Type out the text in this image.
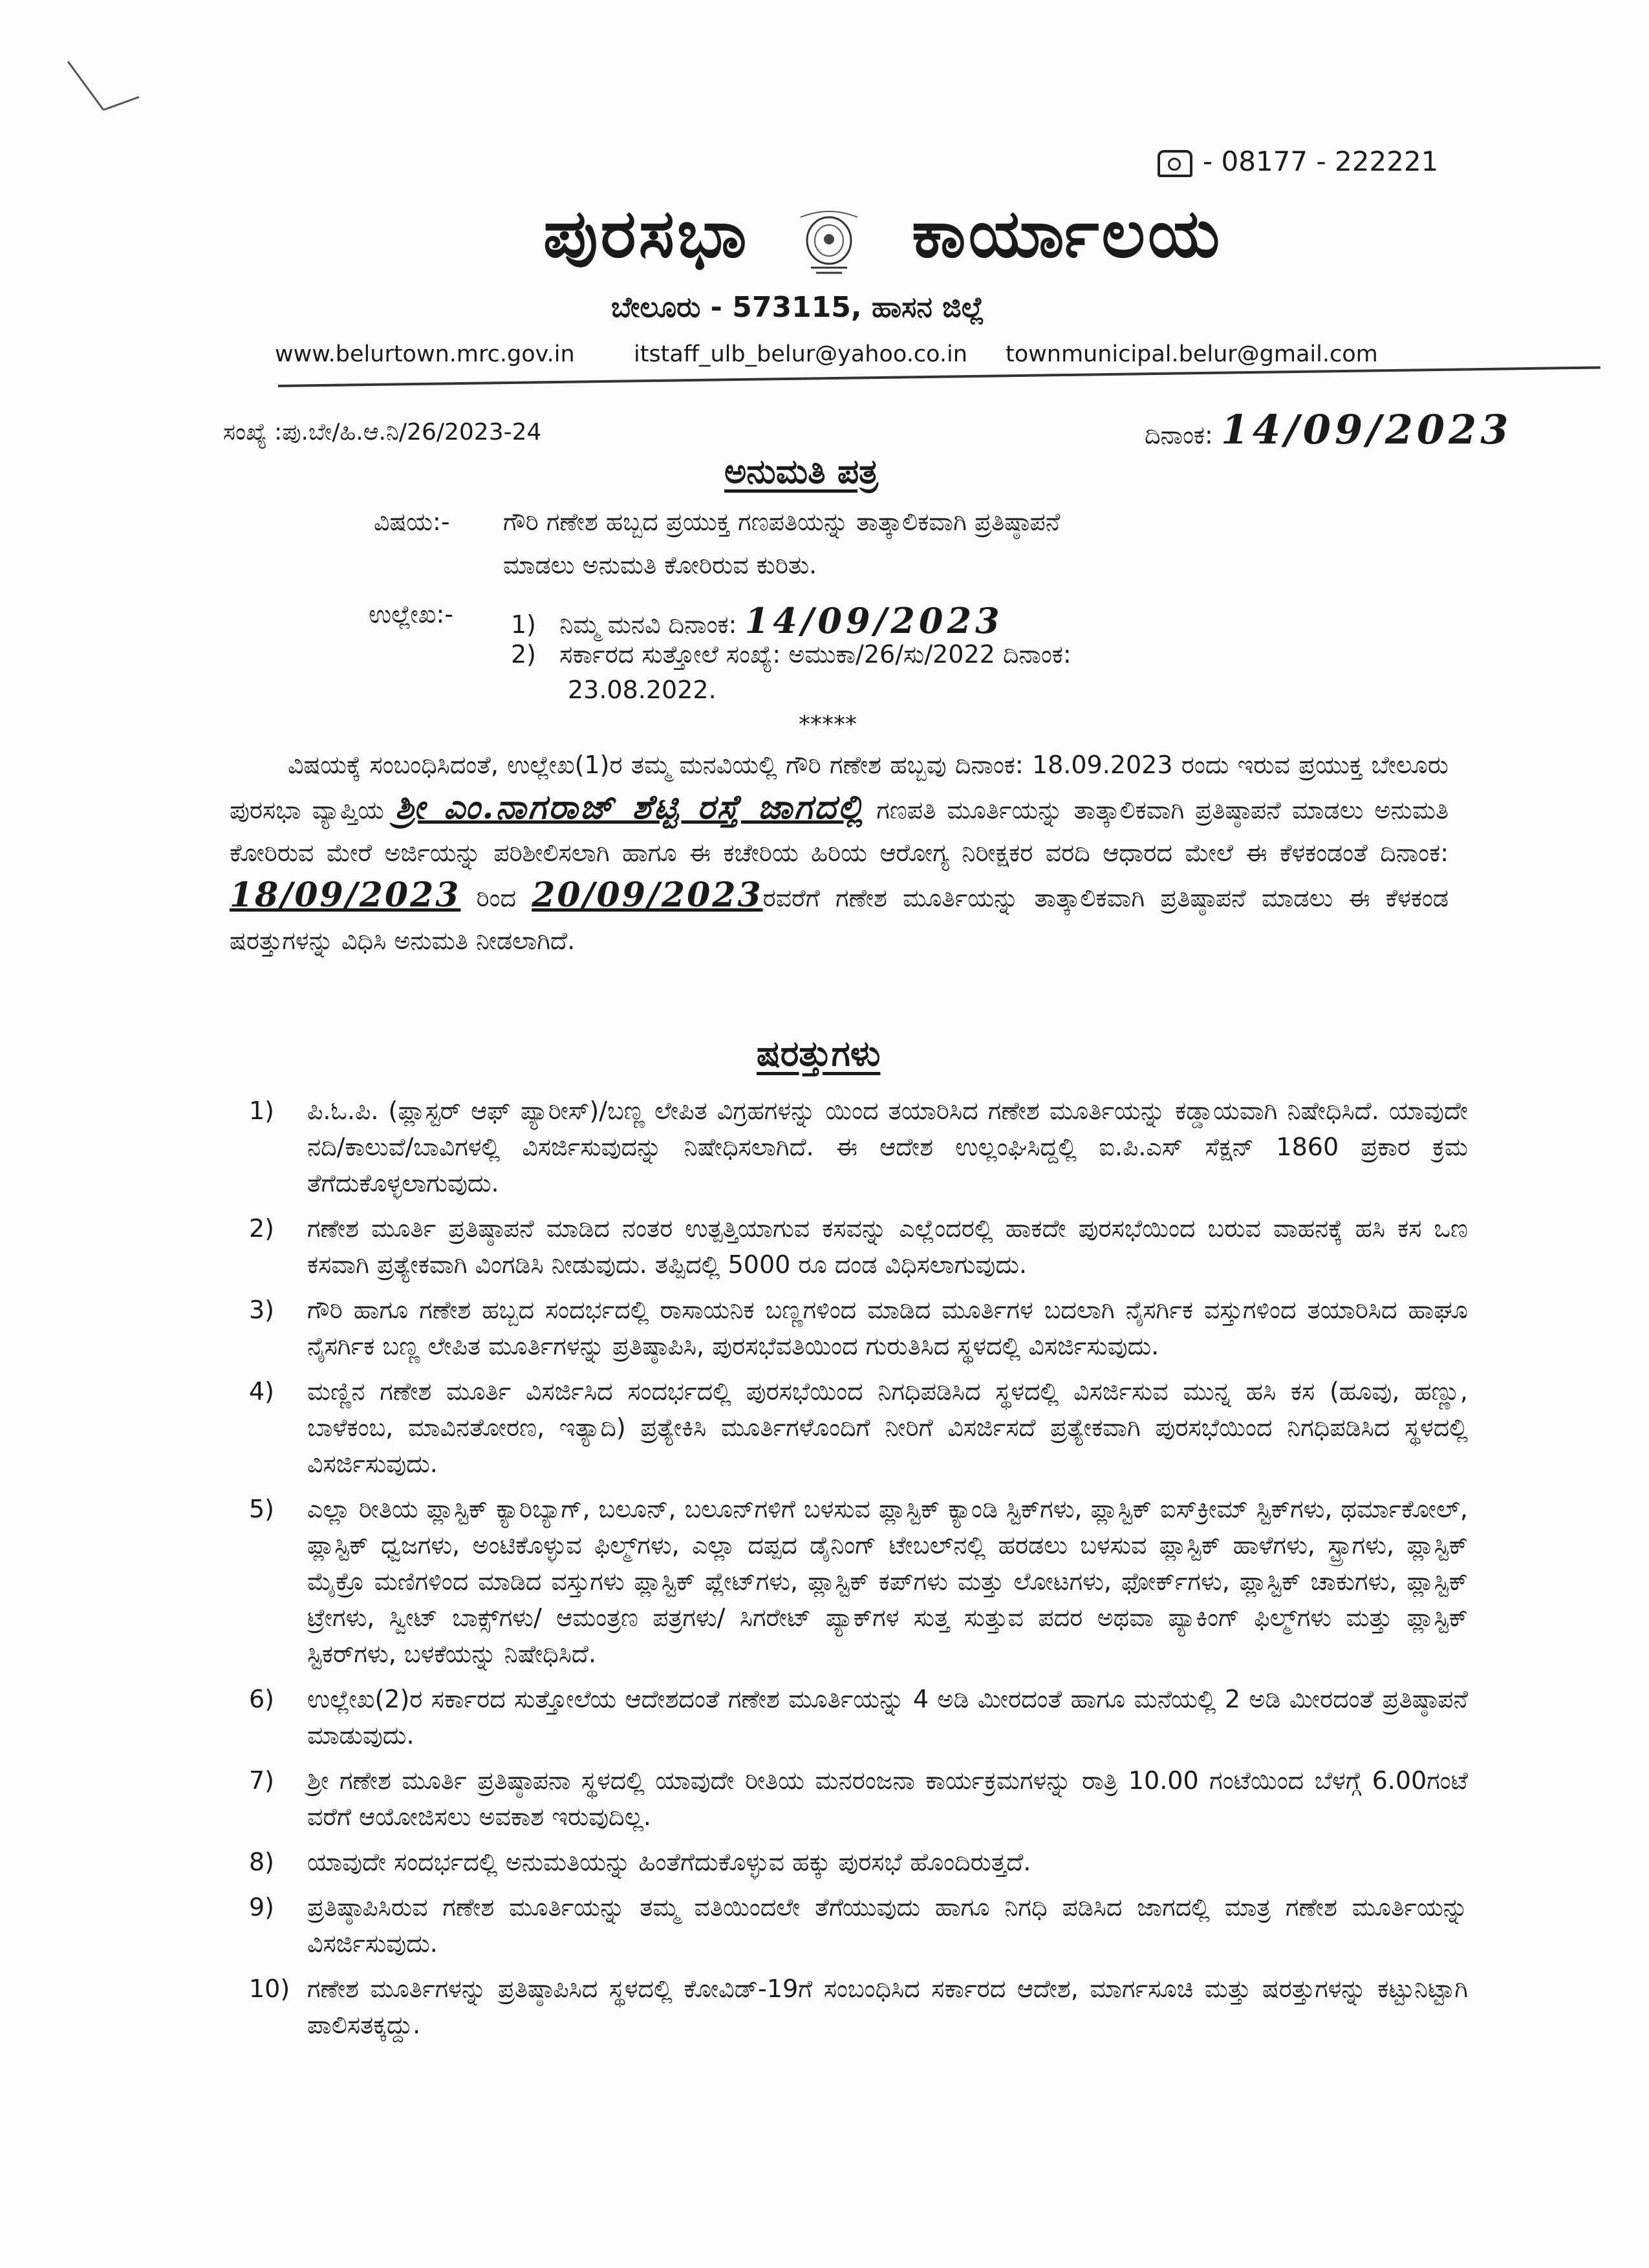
- 08177 - 222221
ಪುರಸಭಾ ಕಾರ್ಯಾಲಯ
ಬೇಲೂರು - 573115, ಹಾಸನ ಜಿಲ್ಲೆ
www.belurtown.mrc.gov.in	itstaff_ulb_belur@yahoo.co.in townmunicipal.belur@gmail.com
ಸಂಖ್ಯೆ :ಪು.ಬೇ/ಹಿ.ಆ.ನಿ/26/2023-24	ದಿನಾಂಕ: 14/09/2023
ಅನುಮತಿ ಪತ್ರ
ವಿಷಯ:- ಗೌರಿ ಗಣೇಶ ಹಬ್ಬದ ಪ್ರಯುಕ್ತ ಗಣಪತಿಯನ್ನು ತಾತ್ಕಾಲಿಕವಾಗಿ ಪ್ರತಿಷ್ಠಾಪನೆ
ಮಾಡಲು ಅನುಮತಿ ಕೋರಿರುವ ಕುರಿತು.
ಉಲ್ಲೇಖ:- 1) ನಿಮ್ಮ ಮನವಿ ದಿನಾಂಕ: 14/09/2023
2) ಸರ್ಕಾರದ ಸುತ್ತೋಲೆ ಸಂಖ್ಯೆ: ಅಮುಕಾ/26/ಸು/2022 ದಿನಾಂಕ:
23.08.2022.
*****
ವಿಷಯಕ್ಕೆ ಸಂಬಂಧಿಸಿದಂತೆ, ಉಲ್ಲೇಖ(1)ರ ತಮ್ಮ ಮನವಿಯಲ್ಲಿ ಗೌರಿ ಗಣೇಶ ಹಬ್ಬವು ದಿನಾಂಕ: 18.09.2023 ರಂದು ಇರುವ ಪ್ರಯುಕ್ತ ಬೇಲೂರು ಪುರಸಭಾ ವ್ಯಾಪ್ತಿಯ ಶ್ರೀ ಎಂ.ನಾಗರಾಜ್ ಶೆಟ್ಟಿ ರಸ್ತೆ ಜಾಗದಲ್ಲಿ ಗಣಪತಿ ಮೂರ್ತಿಯನ್ನು ತಾತ್ಕಾಲಿಕವಾಗಿ ಪ್ರತಿಷ್ಠಾಪನೆ ಮಾಡಲು ಅನುಮತಿ ಕೋರಿರುವ ಮೇರೆ ಅರ್ಜಿಯನ್ನು ಪರಿಶೀಲಿಸಲಾಗಿ ಹಾಗೂ ಈ ಕಚೇರಿಯ ಹಿರಿಯ ಆರೋಗ್ಯ ನಿರೀಕ್ಷಕರ ವರದಿ ಆಧಾರದ ಮೇಲೆ ಈ ಕೆಳಕಂಡಂತೆ ದಿನಾಂಕ: 18/09/2023 ರಿಂದ 20/09/2023ರವರೆಗೆ ಗಣೇಶ ಮೂರ್ತಿಯನ್ನು ತಾತ್ಕಾಲಿಕವಾಗಿ ಪ್ರತಿಷ್ಠಾಪನೆ ಮಾಡಲು ಈ ಕೆಳಕಂಡ ಷರತ್ತುಗಳನ್ನು ವಿಧಿಸಿ ಅನುಮತಿ ನೀಡಲಾಗಿದೆ.
ಷರತ್ತುಗಳು
1) ಪಿ.ಓ.ಪಿ. (ಪ್ಲಾಸ್ಟರ್ ಆಫ್ ಪ್ಯಾರೀಸ್)/ಬಣ್ಣ ಲೇಪಿತ ವಿಗ್ರಹಗಳನ್ನು ಯಿಂದ ತಯಾರಿಸಿದ ಗಣೇಶ ಮೂರ್ತಿಯನ್ನು ಕಡ್ಡಾಯವಾಗಿ ನಿಷೇಧಿಸಿದೆ. ಯಾವುದೇ ನದಿ/ಕಾಲುವೆ/ಬಾವಿಗಳಲ್ಲಿ ವಿಸರ್ಜಿಸುವುದನ್ನು ನಿಷೇಧಿಸಲಾಗಿದೆ. ಈ ಆದೇಶ ಉಲ್ಲಂಘಿಸಿದ್ದಲ್ಲಿ ಐ.ಪಿ.ಎಸ್ ಸೆಕ್ಷನ್ 1860 ಪ್ರಕಾರ ಕ್ರಮ ತೆಗೆದುಕೊಳ್ಳಲಾಗುವುದು.
2) ಗಣೇಶ ಮೂರ್ತಿ ಪ್ರತಿಷ್ಠಾಪನೆ ಮಾಡಿದ ನಂತರ ಉತ್ಪತ್ತಿಯಾಗುವ ಕಸವನ್ನು ಎಲ್ಲೆಂದರಲ್ಲಿ ಹಾಕದೇ ಪುರಸಭೆಯಿಂದ ಬರುವ ವಾಹನಕ್ಕೆ ಹಸಿ ಕಸ ಒಣ ಕಸವಾಗಿ ಪ್ರತ್ಯೇಕವಾಗಿ ವಿಂಗಡಿಸಿ ನೀಡುವುದು. ತಪ್ಪಿದಲ್ಲಿ 5000 ರೂ ದಂಡ ವಿಧಿಸಲಾಗುವುದು.
3) ಗೌರಿ ಹಾಗೂ ಗಣೇಶ ಹಬ್ಬದ ಸಂದರ್ಭದಲ್ಲಿ ರಾಸಾಯನಿಕ ಬಣ್ಣಗಳಿಂದ ಮಾಡಿದ ಮೂರ್ತಿಗಳ ಬದಲಾಗಿ ನೈಸರ್ಗಿಕ ವಸ್ತುಗಳಿಂದ ತಯಾರಿಸಿದ ಹಾಘೂ ನೈಸರ್ಗಿಕ ಬಣ್ಣ ಲೇಪಿತ ಮೂರ್ತಿಗಳನ್ನು ಪ್ರತಿಷ್ಠಾಪಿಸಿ, ಪುರಸಭೆವತಿಯಿಂದ ಗುರುತಿಸಿದ ಸ್ಥಳದಲ್ಲಿ ವಿಸರ್ಜಿಸುವುದು.
4) ಮಣ್ಣಿನ ಗಣೇಶ ಮೂರ್ತಿ ವಿಸರ್ಜಿಸಿದ ಸಂದರ್ಭದಲ್ಲಿ ಪುರಸಭೆಯಿಂದ ನಿಗಧಿಪಡಿಸಿದ ಸ್ಥಳದಲ್ಲಿ ವಿಸರ್ಜಿಸುವ ಮುನ್ನ ಹಸಿ ಕಸ (ಹೂವು, ಹಣ್ಣು, ಬಾಳೆಕಂಬ, ಮಾವಿನತೋರಣ, ಇತ್ಯಾದಿ) ಪ್ರತ್ಯೇಕಿಸಿ ಮೂರ್ತಿಗಳೊಂದಿಗೆ ನೀರಿಗೆ ವಿಸರ್ಜಿಸದೆ ಪ್ರತ್ಯೇಕವಾಗಿ ಪುರಸಭೆಯಿಂದ ನಿಗಧಿಪಡಿಸಿದ ಸ್ಥಳದಲ್ಲಿ ವಿಸರ್ಜಿಸುವುದು.
5) ಎಲ್ಲಾ ರೀತಿಯ ಪ್ಲಾಸ್ಟಿಕ್ ಕ್ಯಾರಿಬ್ಯಾಗ್, ಬಲೂನ್, ಬಲೂನ್‌ಗಳಿಗೆ ಬಳಸುವ ಪ್ಲಾಸ್ಟಿಕ್ ಕ್ಯಾಂಡಿ ಸ್ಟಿಕ್‌ಗಳು, ಪ್ಲಾಸ್ಟಿಕ್ ಐಸ್‌ಕ್ರೀಮ್ ಸ್ಟಿಕ್‌ಗಳು, ಥರ್ಮಾಕೋಲ್, ಪ್ಲಾಸ್ಟಿಕ್ ಧ್ವಜಗಳು, ಅಂಟಿಕೊಳ್ಳುವ ಫಿಲ್ಮ್‌ಗಳು, ಎಲ್ಲಾ ದಪ್ಪದ ಡೈನಿಂಗ್ ಟೇಬಲ್‌ನಲ್ಲಿ ಹರಡಲು ಬಳಸುವ ಪ್ಲಾಸ್ಟಿಕ್ ಹಾಳೆಗಳು, ಸ್ಟ್ರಾಗಳು, ಪ್ಲಾಸ್ಟಿಕ್ ಮೈಕ್ರೊ ಮಣಿಗಳಿಂದ ಮಾಡಿದ ವಸ್ತುಗಳು ಪ್ಲಾಸ್ಟಿಕ್ ಪ್ಲೇಟ್‌ಗಳು, ಪ್ಲಾಸ್ಟಿಕ್ ಕಪ್‌ಗಳು ಮತ್ತು ಲೋಟಗಳು, ಫೋರ್ಕ್‌ಗಳು, ಪ್ಲಾಸ್ಟಿಕ್ ಚಾಕುಗಳು, ಪ್ಲಾಸ್ಟಿಕ್ ಟ್ರೇಗಳು, ಸ್ವೀಟ್ ಬಾಕ್ಸ್‌ಗಳು/ ಆಮಂತ್ರಣ ಪತ್ರಗಳು/ ಸಿಗರೇಟ್ ಪ್ಯಾಕ್‌ಗಳ ಸುತ್ತ ಸುತ್ತುವ ಪದರ ಅಥವಾ ಪ್ಯಾಕಿಂಗ್ ಫಿಲ್ಮ್‌ಗಳು ಮತ್ತು ಪ್ಲಾಸ್ಟಿಕ್ ಸ್ಟಿಕರ್‌ಗಳು, ಬಳಕೆಯನ್ನು ನಿಷೇಧಿಸಿದೆ.
6) ಉಲ್ಲೇಖ(2)ರ ಸರ್ಕಾರದ ಸುತ್ತೋಲೆಯ ಆದೇಶದಂತೆ ಗಣೇಶ ಮೂರ್ತಿಯನ್ನು 4 ಅಡಿ ಮೀರದಂತೆ ಹಾಗೂ ಮನೆಯಲ್ಲಿ 2 ಅಡಿ ಮೀರದಂತೆ ಪ್ರತಿಷ್ಠಾಪನೆ ಮಾಡುವುದು.
7) ಶ್ರೀ ಗಣೇಶ ಮೂರ್ತಿ ಪ್ರತಿಷ್ಠಾಪನಾ ಸ್ಥಳದಲ್ಲಿ ಯಾವುದೇ ರೀತಿಯ ಮನರಂಜನಾ ಕಾರ್ಯಕ್ರಮಗಳನ್ನು ರಾತ್ರಿ 10.00 ಗಂಟೆಯಿಂದ ಬೆಳಗ್ಗೆ 6.00ಗಂಟೆ ವರೆಗೆ ಆಯೋಜಿಸಲು ಅವಕಾಶ ಇರುವುದಿಲ್ಲ.
8) ಯಾವುದೇ ಸಂದರ್ಭದಲ್ಲಿ ಅನುಮತಿಯನ್ನು ಹಿಂತೆಗೆದುಕೊಳ್ಳುವ ಹಕ್ಕು ಪುರಸಭೆ ಹೊಂದಿರುತ್ತದೆ.
9) ಪ್ರತಿಷ್ಠಾಪಿಸಿರುವ ಗಣೇಶ ಮೂರ್ತಿಯನ್ನು ತಮ್ಮ ವತಿಯಿಂದಲೇ ತೆಗೆಯುವುದು ಹಾಗೂ ನಿಗಧಿ ಪಡಿಸಿದ ಜಾಗದಲ್ಲಿ ಮಾತ್ರ ಗಣೇಶ ಮೂರ್ತಿಯನ್ನು ವಿಸರ್ಜಿಸುವುದು.
10) ಗಣೇಶ ಮೂರ್ತಿಗಳನ್ನು ಪ್ರತಿಷ್ಠಾಪಿಸಿದ ಸ್ಥಳದಲ್ಲಿ ಕೋವಿಡ್-19ಗೆ ಸಂಬಂಧಿಸಿದ ಸರ್ಕಾರದ ಆದೇಶ, ಮಾರ್ಗಸೂಚಿ ಮತ್ತು ಷರತ್ತುಗಳನ್ನು ಕಟ್ಟುನಿಟ್ಟಾಗಿ ಪಾಲಿಸತಕ್ಕದ್ದು.
